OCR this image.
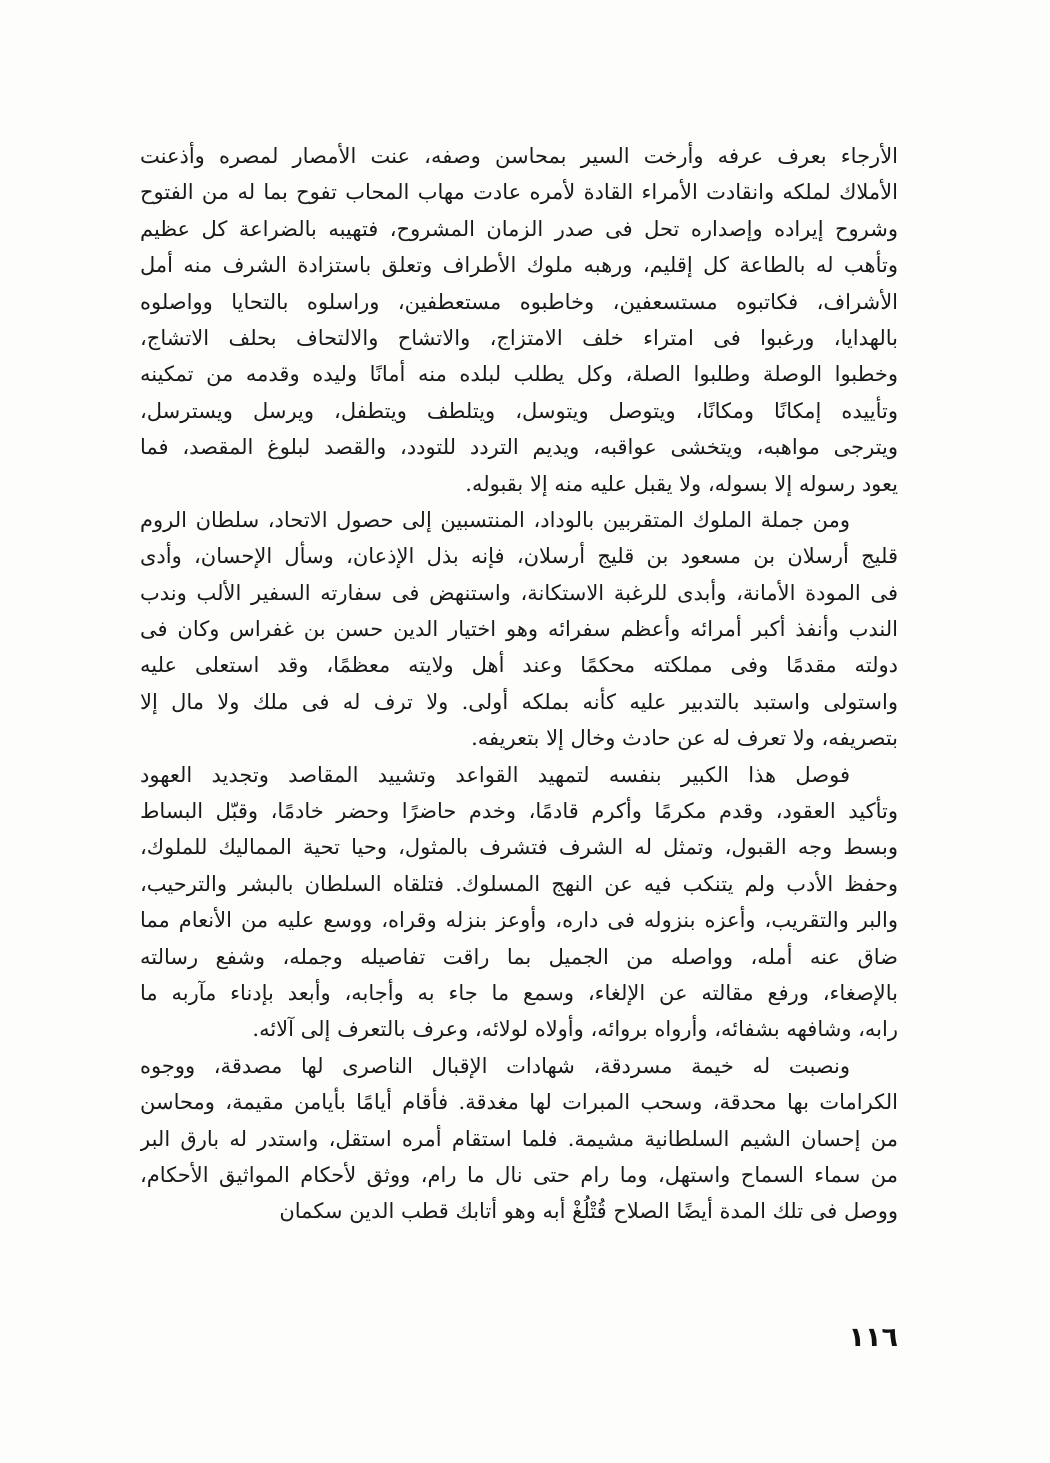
الأرجاء بعرف عرفه وأرخت السير بمحاسن وصفه، عنت الأمصار لمصره وأذعنت
الأملاك لملكه وانقادت الأمراء القادة لأمره عادت مهاب المحاب تفوح بما له من الفتوح
وشروح إيراده وإصداره تحل فى صدر الزمان المشروح، فتهيبه بالضراعة كل عظيم
وتأهب له بالطاعة كل إقليم، ورهبه ملوك الأطراف وتعلق باستزادة الشرف منه أمل
الأشراف، فكاتبوه مستسعفين، وخاطبوه مستعطفين، وراسلوه بالتحايا وواصلوه
بالهدايا، ورغبوا فى امتراء خلف الامتزاج، والاتشاح والالتحاف بحلف الاتشاج،
وخطبوا الوصلة وطلبوا الصلة، وكل يطلب لبلده منه أمانًا وليده وقدمه من تمكينه
وتأييده إمكانًا ومكانًا، ويتوصل ويتوسل، ويتلطف ويتطفل، ويرسل ويسترسل،
ويترجى مواهبه، ويتخشى عواقبه، ويديم التردد للتودد، والقصد لبلوغ المقصد، فما
يعود رسوله إلا بسوله، ولا يقبل عليه منه إلا بقبوله.
ومن جملة الملوك المتقربين بالوداد، المنتسبين إلى حصول الاتحاد، سلطان الروم
قليج أرسلان بن مسعود بن قليج أرسلان، فإنه بذل الإذعان، وسأل الإحسان، وأدى
فى المودة الأمانة، وأبدى للرغبة الاستكانة، واستنهض فى سفارته السفير الألب وندب
الندب وأنفذ أكبر أمرائه وأعظم سفرائه وهو اختيار الدين حسن بن غفراس وكان فى
دولته مقدمًا وفى مملكته محكمًا وعند أهل ولايته معظمًا، وقد استعلى عليه
واستولى واستبد بالتدبير عليه كأنه بملكه أولى. ولا ترف له فى ملك ولا مال إلا
بتصريفه، ولا تعرف له عن حادث وخال إلا بتعريفه.
فوصل هذا الكبير بنفسه لتمهيد القواعد وتشييد المقاصد وتجديد العهود
وتأكيد العقود، وقدم مكرمًا وأكرم قادمًا، وخدم حاضرًا وحضر خادمًا، وقبّل البساط
وبسط وجه القبول، وتمثل له الشرف فتشرف بالمثول، وحيا تحية المماليك للملوك،
وحفظ الأدب ولم يتنكب فيه عن النهج المسلوك. فتلقاه السلطان بالبشر والترحيب،
والبر والتقريب، وأعزه بنزوله فى داره، وأوعز بنزله وقراه، ووسع عليه من الأنعام مما
ضاق عنه أمله، وواصله من الجميل بما راقت تفاصيله وجمله، وشفع رسالته
بالإصغاء، ورفع مقالته عن الإلغاء، وسمع ما جاء به وأجابه، وأبعد بإدناء مآربه ما
رابه، وشافهه بشفائه، وأرواه بروائه، وأولاه لولائه، وعرف بالتعرف إلى آلائه.
ونصبت له خيمة مسردقة، شهادات الإقبال الناصرى لها مصدقة، ووجوه
الكرامات بها محدقة، وسحب المبرات لها مغدقة. فأقام أيامًا بأيامن مقيمة، ومحاسن
من إحسان الشيم السلطانية مشيمة. فلما استقام أمره استقل، واستدر له بارق البر
من سماء السماح واستهل، وما رام حتى نال ما رام، ووثق لأحكام المواثيق الأحكام،
ووصل فى تلك المدة أيضًا الصلاح قُتْلُغْ أبه وهو أتابك قطب الدين سكمان
١١٦
